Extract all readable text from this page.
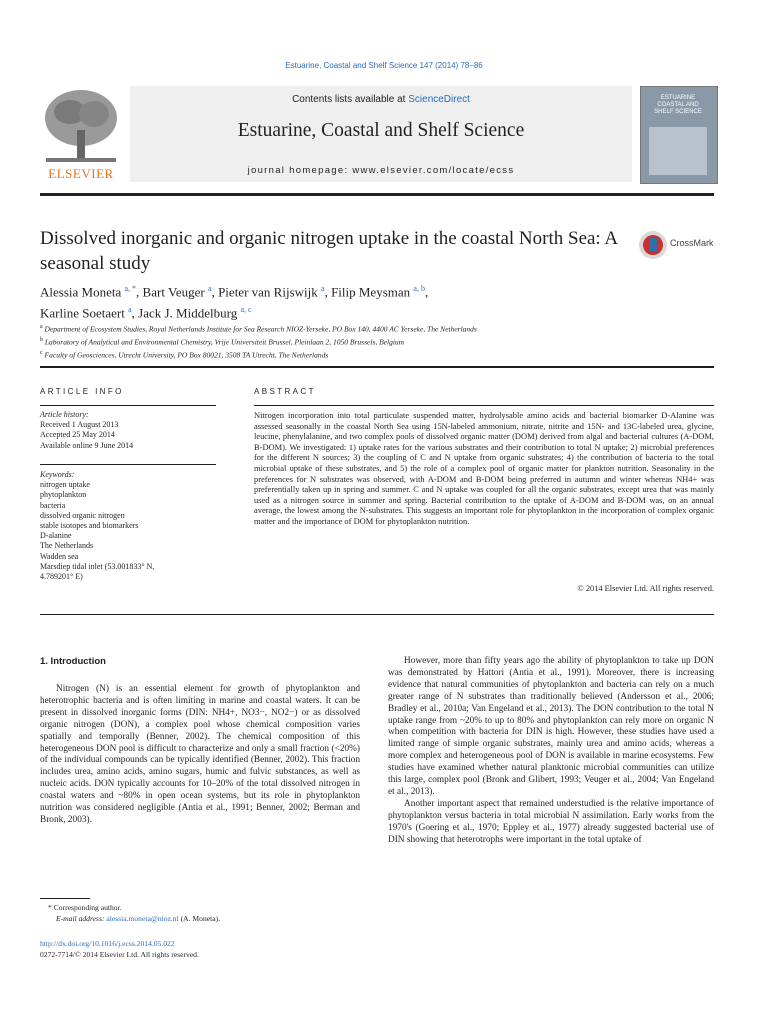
Estuarine, Coastal and Shelf Science 147 (2014) 78–86
ELSEVIER
Contents lists available at ScienceDirect
Estuarine, Coastal and Shelf Science
journal homepage: www.elsevier.com/locate/ecss
ESTUARINE COASTAL AND SHELF SCIENCE
Dissolved inorganic and organic nitrogen uptake in the coastal North Sea: A seasonal study
CrossMark
Alessia Moneta $^{a, *}$, Bart Veuger $^a$, Pieter van Rijswijk $^a$, Filip Meysman $^{a, b}$,
Karline Soetaert $^a$, Jack J. Middelburg $^{a, c}$
$^a$ Department of Ecosystem Studies, Royal Netherlands Institute for Sea Research NIOZ-Yerseke, PO Box 140, 4400 AC Yerseke, The Netherlands
$^b$ Laboratory of Analytical and Environmental Chemistry, Vrije Universiteit Brussel, Pleinlaan 2, 1050 Brussels, Belgium
$^c$ Faculty of Geosciences, Utrecht University, PO Box 80021, 3508 TA Utrecht, The Netherlands
ARTICLE INFO
Article history:
Received 1 August 2013
Accepted 25 May 2014
Available online 9 June 2014
Keywords:
nitrogen uptake
phytoplankton
bacteria
dissolved organic nitrogen
stable isotopes and biomarkers
D-alanine
The Netherlands
Wadden sea
Marsdiep tidal inlet (53.001833° N,
4.789201° E)
ABSTRACT
Nitrogen incorporation into total particulate suspended matter, hydrolysable amino acids and bacterial biomarker D-Alanine was assessed seasonally in the coastal North Sea using 15N-labeled ammonium, nitrate, nitrite and 15N- and 13C-labeled urea, glycine, leucine, phenylalanine, and two complex pools of dissolved organic matter (DOM) derived from algal and bacterial cultures (A-DOM, B-DOM). We investigated: 1) uptake rates for the various substrates and their contribution to total N uptake; 2) microbial preferences for the different N sources; 3) the coupling of C and N uptake from organic substrates; 4) the contribution of bacteria to the total microbial uptake of these substrates, and 5) the role of a complex pool of organic matter for plankton nutrition. Seasonality in the preferences for N substrates was observed, with A-DOM and B-DOM being preferred in autumn and winter whereas NH4+ was preferentially taken up in spring and summer. C and N uptake was coupled for all the organic substrates, except urea that was mainly used as a nitrogen source in summer and spring. Bacterial contribution to the uptake of A-DOM and B-DOM was, on an annual average, the lowest among the N-substrates. This suggests an important role for phytoplankton in the incorporation of complex organic matter and the importance of DOM for phytoplankton nutrition.
© 2014 Elsevier Ltd. All rights reserved.
1. Introduction

Nitrogen (N) is an essential element for growth of phytoplankton and heterotrophic bacteria and is often limiting in marine and coastal waters. It can be present in dissolved inorganic forms (DIN: NH4+, NO3−, NO2−) or as dissolved organic nitrogen (DON), a complex pool whose chemical composition varies spatially and temporally (Benner, 2002). The chemical composition of this heterogeneous DON pool is difficult to characterize and only a small fraction (<20%) of the individual compounds can be typically identified (Benner, 2002). This fraction includes urea, amino acids, amino sugars, humic and fulvic substances, as well as nucleic acids. DON typically accounts for 10–20% of the total dissolved nitrogen in coastal waters and ~80% in open ocean systems, but its role in phytoplankton nutrition was considered negligible (Antia et al., 1991; Benner, 2002; Berman and Bronk, 2003).

However, more than fifty years ago the ability of phytoplankton to take up DON was demonstrated by Hattori (Antia et al., 1991). Moreover, there is increasing evidence that natural communities of phytoplankton and bacteria can rely on a much greater range of N substrates than traditionally believed (Andersson et al., 2006; Bradley et al., 2010a; Van Engeland et al., 2013). The DON contribution to the total N uptake range from ~20% to up to 80% and phytoplankton can rely more on organic N when competition with bacteria for DIN is high. However, these studies have used a limited range of simple organic substrates, mainly urea and amino acids, whereas a more complex and heterogeneous pool of DON is available in marine ecosystems. Few studies have examined whether natural planktonic microbial communities can utilize this large, complex pool (Bronk and Glibert, 1993; Veuger et al., 2004; Van Engeland et al., 2013).

Another important aspect that remained understudied is the relative importance of phytoplankton versus bacteria in total microbial N assimilation. Early works from the 1970's (Goering et al., 1970; Eppley et al., 1977) already suggested bacterial use of DIN showing that heterotrophs were important in the total uptake of

* Corresponding author.
E-mail address: alessia.moneta@nioz.nl (A. Moneta).
http://dx.doi.org/10.1016/j.ecss.2014.05.022
0272-7714/© 2014 Elsevier Ltd. All rights reserved.
